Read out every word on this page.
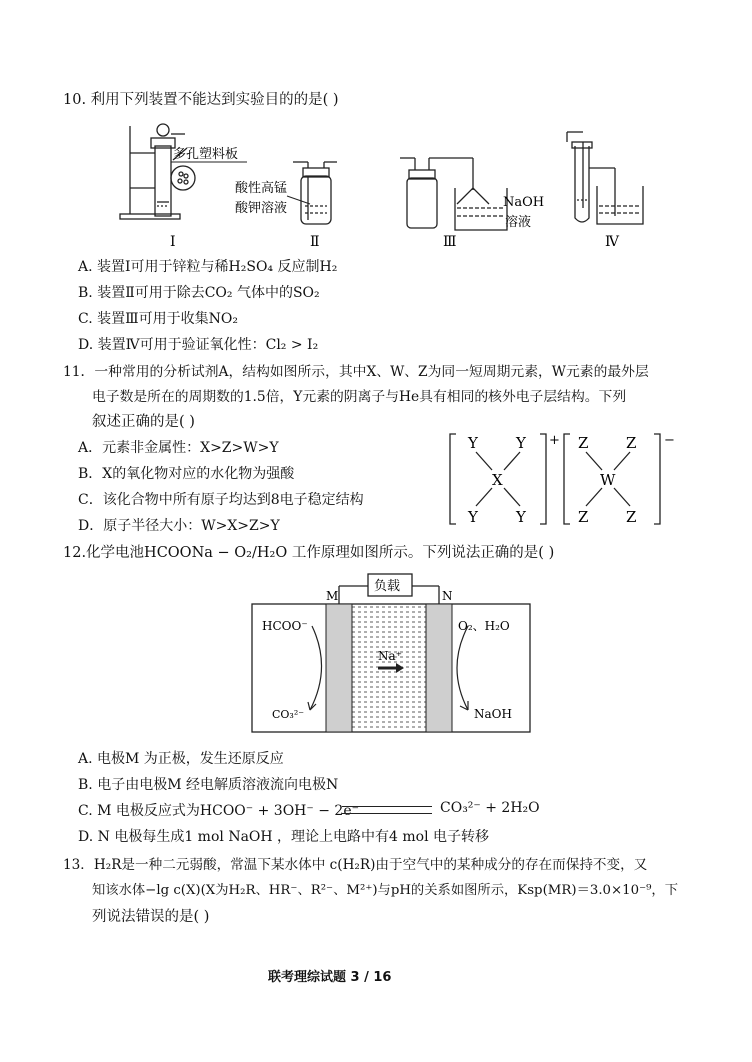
10. 利用下列装置不能达到实验目的的是( )
多孔塑料板
酸性高锰
酸钾溶液	NaOH
溶液
Ⅰ	Ⅱ	Ⅲ	Ⅳ
A. 装置Ⅰ可用于锌粒与稀H₂SO₄ 反应制H₂
B. 装置Ⅱ可用于除去CO₂ 气体中的SO₂
C. 装置Ⅲ可用于收集NO₂
D. 装置Ⅳ可用于验证氧化性：Cl₂ > I₂
11．一种常用的分析试剂A，结构如图所示，其中X、W、Z为同一短周期元素，W元素的最外层
电子数是所在的周期数的1.5倍，Y元素的阴离子与He具有相同的核外电子层结构。下列
叙述正确的是( )
A．元素非金属性：X>Z>W>Y
B．X的氧化物对应的水化物为强酸
C．该化合物中所有原子均达到8电子稳定结构
D．原子半径大小：W>X>Z>Y
Y	Y
X
Y	Y
+ Z	Z
W
Z	Z
−
12.化学电池HCOONa − O₂/H₂O 工作原理如图所示。下列说法正确的是( )
负载
M	N
HCOO⁻
CO₃²⁻
Na⁺
O₂、H₂O
NaOH
A. 电极M 为正极，发生还原反应
B. 电子由电极M 经电解质溶液流向电极N
C. M 电极反应式为HCOO⁻ + 3OH⁻ − 2e⁻	CO₃²⁻ + 2H₂O
D. N 电极每生成1 mol NaOH ，理论上电路中有4 mol 电子转移
13．H₂R是一种二元弱酸，常温下某水体中 c(H₂R)由于空气中的某种成分的存在而保持不变，又
知该水体−lg c(X)(X为H₂R、HR⁻、R²⁻、M²⁺)与pH的关系如图所示，Ksp(MR)＝3.0×10⁻⁹，下
列说法错误的是( )
联考理综试题 3 / 16
